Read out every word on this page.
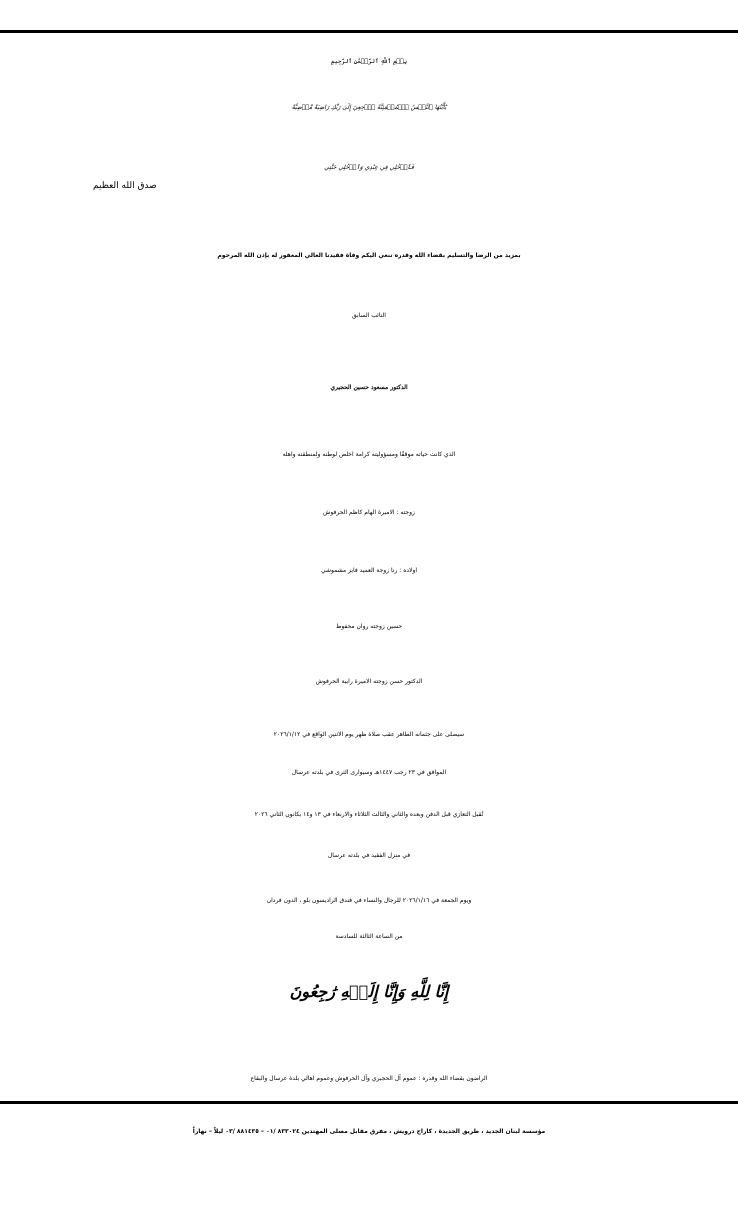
بِسۡمِ ٱللَّهِ ٱلرَّحۡمَٰنِ ٱلرَّحِيمِ
يَٰٓأَيَّتُهَا ٱلنَّفۡسُ ٱلۡمُطۡمَئِنَّةُ ٱرۡجِعِيٓ إِلَىٰ رَبِّكِ رَاضِيَةً مَّرۡضِيَّةً
فَٱدۡخُلِي فِي عِبَٰدِي وَٱدۡخُلِي جَنَّتِي
صدق الله العظيم
بمزيد من الرضا والتسليم بقضاء الله وقدره ننعي اليكم وفاة فقيدنا الغالي المغفور له بإذن الله المرحوم
النائب السابق
الدكتور مسعود حسين الحجيري
الذي كانت حياته موقفًا ومسؤوليته كرامة اخلص لوطنه ولمنطقته واهله
زوجته : الاميرة الهام كاظم الحرفوش
اولاده : رنا زوجة العميد فايز مشموشي
حسين زوجته روان محفوظ
الدكتور حسن زوجته الاميرة رابية الحرفوش
سيصلى على جثمانه الطاهر عقب صلاة ظهر يوم الاثنين الواقع في ٢٠٢٦/١/١٢
الموافق في ٢٣ رجب ١٤٤٧هـ وسيوارى الثرى في بلدته عرسال
تُقبل التعازي قبل الدفن وبعده والثاني والثالث الثلاثاء والاربعاء في ١٣ و١٤ بكانون الثاني ٢٠٢٦
في منزل الفقيد في بلدته عرسال
ويوم الجمعة في ٢٠٢٦/١/١٦ للرجال والنساء في فندق الراديسون بلو ، الدون فردان
من الساعة الثالثة للسادسة
إِنَّا لِلَّهِ وَإِنَّا إِلَيۡهِ رَٰجِعُونَ
الراضون بقضاء الله وقدره : عموم آل الحجيري وآل الحرفوش وعموم اهالي بلدة عرسال والبقاع
مؤسسة لبنان الجديد ، طريق الجديدة ، كاراج درويش ، مفرق مقابل مصلى المهتدين ٨٣٣٠٢٤ /٠١ – ٨٨١٤٣٥ /٠٣ ليلاً – نهاراً
